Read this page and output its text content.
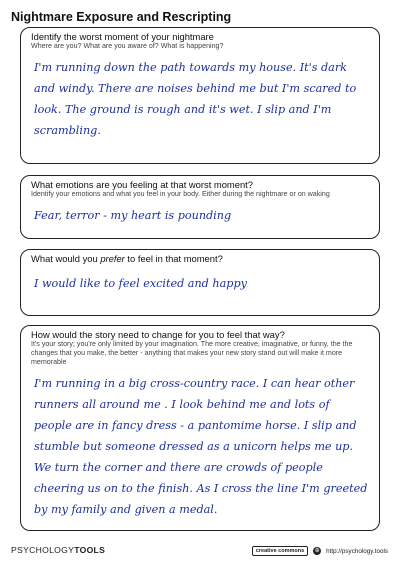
Nightmare Exposure and Rescripting
Identify the worst moment of your nightmare
Where are you? What are you aware of? What is happening?
I'm running down the path towards my house. It's dark and windy. There are noises behind me but I'm scared to look. The ground is rough and it's wet. I slip and I'm scrambling.
What emotions are you feeling at that worst moment?
Identify your emotions and what you feel in your body. Either during the nightmare or on waking
Fear, terror - my heart is pounding
What would you prefer to feel in that moment?
I would like to feel excited and happy
How would the story need to change for you to feel that way?
It's your story; you're only limited by your imagination. The more creative, imaginative, or funny, the the changes that you make, the better - anything that makes your new story stand out will make it more memorable
I'm running in a big cross-country race. I can hear other runners all around me . I look behind me and lots of people are in fancy dress - a pantomime horse. I slip and stumble but someone dressed as a unicorn helps me up. We turn the corner and there are crowds of people cheering us on to the finish. As I cross the line I'm greeted by my family and given a medal.
PSYCHOLOGYTOOLS	creative commons	⊕ http://psychology.tools
